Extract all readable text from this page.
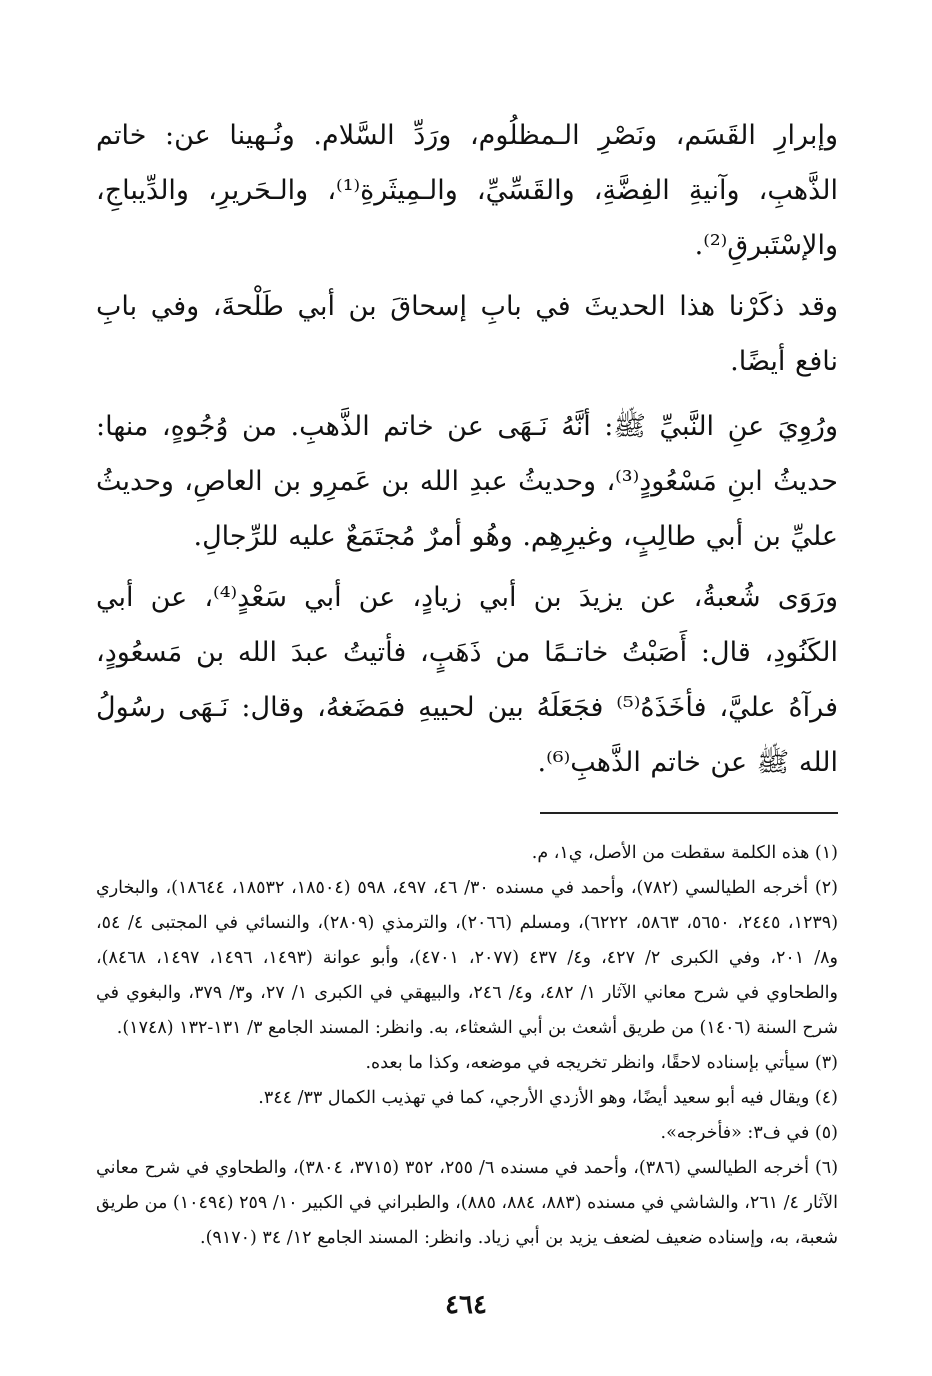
وإبرارِ القَسَم، ونَصْرِ الـمظلُوم، ورَدِّ السَّلام. ونُـهينا عن: خاتم الذَّهبِ، وآنيةِ الفِضَّةِ، والقَسِّيِّ، والـمِيثَرةِ⁽¹⁾، والـحَريرِ، والدِّيباجِ، والإسْتَبرقِ⁽²⁾.

وقد ذكَرْنا هذا الحديثَ في بابِ إسحاقَ بن أبي طَلْحةَ، وفي بابِ نافع أيضًا.

ورُوِيَ عنِ النَّبيِّ ﷺ: أنَّهُ نَـهَى عن خاتم الذَّهبِ. من وُجُوهٍ، منها: حديثُ ابنِ مَسْعُودٍ⁽³⁾، وحديثُ عبدِ الله بن عَمرِو بن العاصِ، وحديثُ عليِّ بن أبي طالِبٍ، وغيرِهِم. وهُو أمرٌ مُجتَمَعٌ عليه للرِّجالِ.

ورَوَى شُعبةُ، عن يزيدَ بن أبي زيادٍ، عن أبي سَعْدٍ⁽⁴⁾، عن أبي الكَنُودِ، قال: أَصَبْتُ خاتـمًا من ذَهَبٍ، فأتيتُ عبدَ الله بن مَسعُودٍ، فرآهُ عليَّ، فأخَذَهُ⁽⁵⁾ فجَعَلَهُ بين لحييهِ فمَضَغهُ، وقال: نَـهَى رسُولُ الله ﷺ عن خاتم الذَّهبِ⁽⁶⁾.

(١) هذه الكلمة سقطت من الأصل، ي١، م.

(٢) أخرجه الطيالسي (٧٨٢)، وأحمد في مسنده ٣٠/ ٤٦، ٤٩٧، ٥٩٨ (١٨٥٠٤، ١٨٥٣٢، ١٨٦٤٤)، والبخاري (١٢٣٩، ٢٤٤٥، ٥٦٥٠، ٥٨٦٣، ٦٢٢٢)، ومسلم (٢٠٦٦)، والترمذي (٢٨٠٩)، والنسائي في المجتبى ٤/ ٥٤، و٨/ ٢٠١، وفي الكبرى ٢/ ٤٢٧، و٤/ ٤٣٧ (٢٠٧٧، ٤٧٠١)، وأبو عوانة (١٤٩٣، ١٤٩٦، ١٤٩٧، ٨٤٦٨)، والطحاوي في شرح معاني الآثار ١/ ٤٨٢، و٤/ ٢٤٦، والبيهقي في الكبرى ١/ ٢٧، و٣/ ٣٧٩، والبغوي في شرح السنة (١٤٠٦) من طريق أشعث بن أبي الشعثاء، به. وانظر: المسند الجامع ٣/ ١٣١-١٣٢ (١٧٤٨).

(٣) سيأتي بإسناده لاحقًا، وانظر تخريجه في موضعه، وكذا ما بعده.

(٤) ويقال فيه أبو سعيد أيضًا، وهو الأزدي الأرجي، كما في تهذيب الكمال ٣٣/ ٣٤٤.

(٥) في ف٣: «فأخرجه».

(٦) أخرجه الطيالسي (٣٨٦)، وأحمد في مسنده ٦/ ٢٥٥، ٣٥٢ (٣٧١٥، ٣٨٠٤)، والطحاوي في شرح معاني الآثار ٤/ ٢٦١، والشاشي في مسنده (٨٨٣، ٨٨٤، ٨٨٥)، والطبراني في الكبير ١٠/ ٢٥٩ (١٠٤٩٤) من طريق شعبة، به، وإسناده ضعيف لضعف يزيد بن أبي زياد. وانظر: المسند الجامع ١٢/ ٣٤ (٩١٧٠).

٤٦٤
